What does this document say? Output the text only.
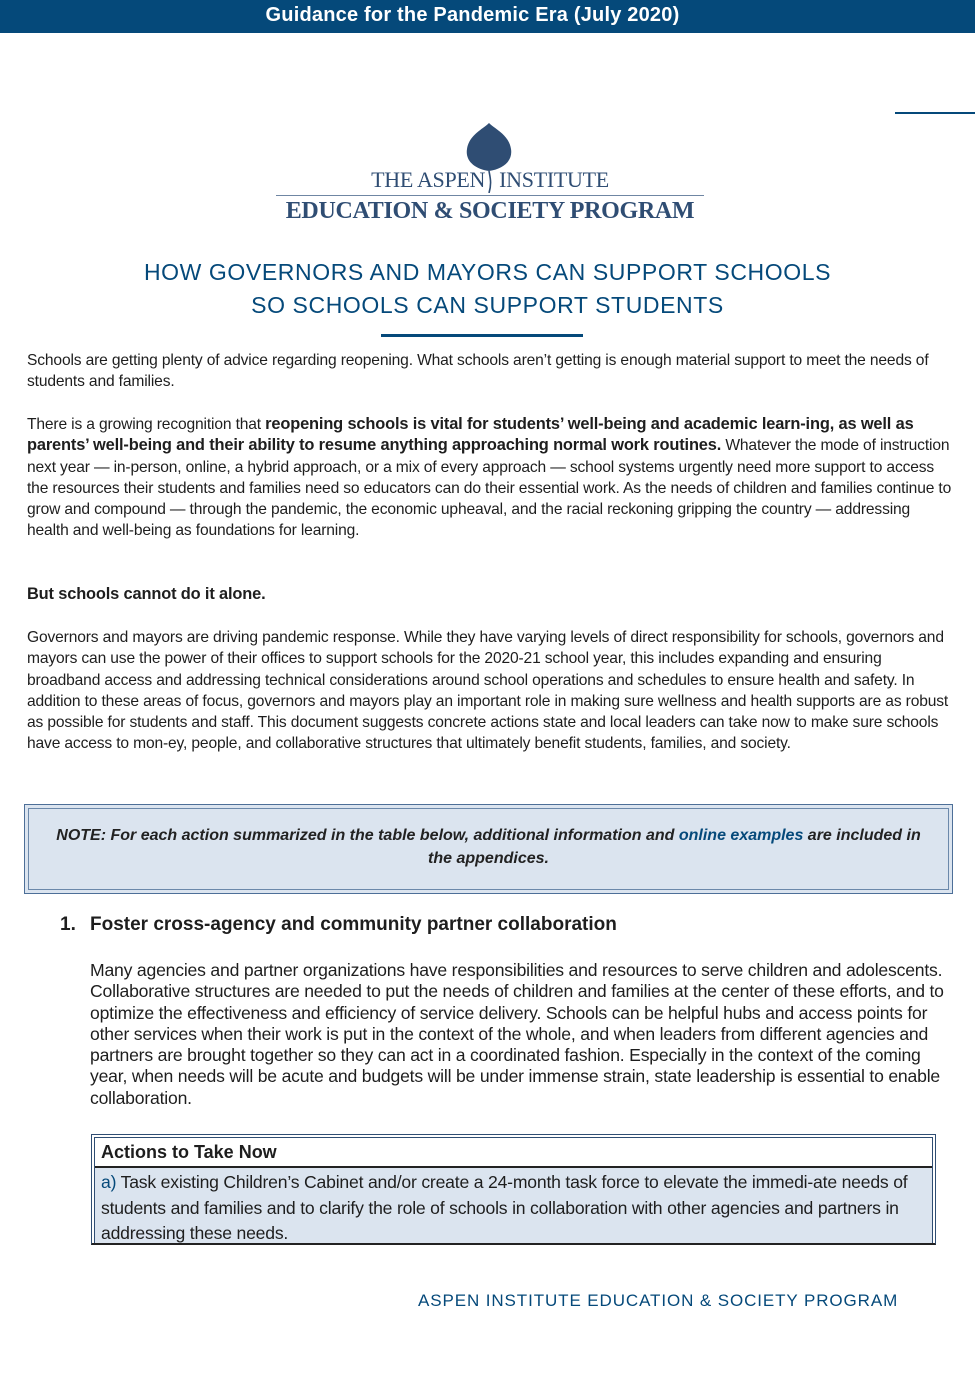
Guidance for the Pandemic Era (July 2020)
THE ASPEN INSTITUTE
EDUCATION & SOCIETY PROGRAM
HOW GOVERNORS AND MAYORS CAN SUPPORT SCHOOLS
SO SCHOOLS CAN SUPPORT STUDENTS
Schools are getting plenty of advice regarding reopening. What schools aren’t getting is enough material support to meet the needs of students and families.
There is a growing recognition that reopening schools is vital for students’ well-being and academic learn-ing, as well as parents’ well-being and their ability to resume anything approaching normal work routines. Whatever the mode of instruction next year — in-person, online, a hybrid approach, or a mix of every approach — school systems urgently need more support to access the resources their students and families need so educators can do their essential work. As the needs of children and families continue to grow and compound — through the pandemic, the economic upheaval, and the racial reckoning gripping the country — addressing health and well-being as foundations for learning.
But schools cannot do it alone.
Governors and mayors are driving pandemic response. While they have varying levels of direct responsibility for schools, governors and mayors can use the power of their offices to support schools for the 2020-21 school year, this includes expanding and ensuring broadband access and addressing technical considerations around school operations and schedules to ensure health and safety. In addition to these areas of focus, governors and mayors play an important role in making sure wellness and health supports are as robust as possible for students and staff. This document suggests concrete actions state and local leaders can take now to make sure schools have access to mon-ey, people, and collaborative structures that ultimately benefit students, families, and society.

NOTE: For each action summarized in the table below, additional information and online examples are included in the appendices.

1. Foster cross-agency and community partner collaboration
Many agencies and partner organizations have responsibilities and resources to serve children and adolescents. Collaborative structures are needed to put the needs of children and families at the center of these efforts, and to optimize the effectiveness and efficiency of service delivery. Schools can be helpful hubs and access points for other services when their work is put in the context of the whole, and when leaders from different agencies and partners are brought together so they can act in a coordinated fashion. Especially in the context of the coming year, when needs will be acute and budgets will be under immense strain, state leadership is essential to enable collaboration.
Actions to Take Now
a) Task existing Children’s Cabinet and/or create a 24-month task force to elevate the immedi-ate needs of students and families and to clarify the role of schools in collaboration with other agencies and partners in addressing these needs.
ASPEN INSTITUTE EDUCATION & SOCIETY PROGRAM
